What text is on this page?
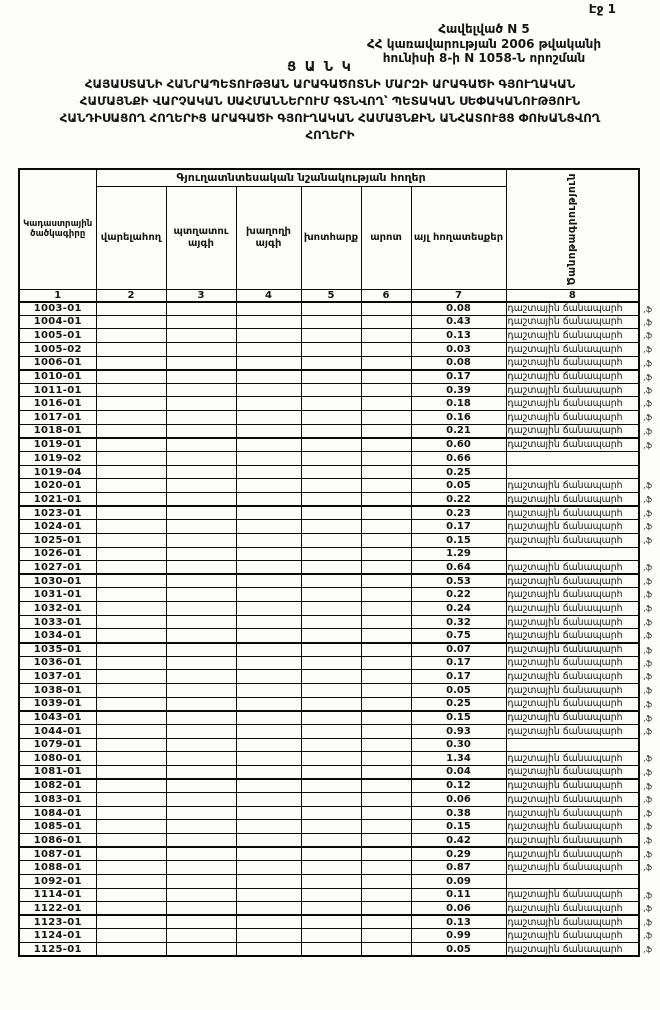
Էջ 1
Հավելված N 5
ՀՀ կառավարության 2006 թվականի
հունիսի 8-ի N 1058-Ն որոշման
Ց Ա Ն Կ
ՀԱՅԱՍՏԱՆԻ ՀԱՆՐԱՊԵՏՈՒԹՅԱՆ ԱՐԱԳԱԾՈՏՆԻ ՄԱՐԶԻ ԱՐԱԳԱԾԻ ԳՅՈՒՂԱԿԱՆ
ՀԱՄԱՅՆՔԻ ՎԱՐՉԱԿԱՆ ՍԱՀՄԱՆՆԵՐՈՒՄ ԳՏՆՎՈՂ՝ ՊԵՏԱԿԱՆ ՍԵՓԱԿԱՆՈՒԹՅՈՒՆ
ՀԱՆԴԻՍԱՑՈՂ ՀՈՂԵՐԻՑ ԱՐԱԳԱԾԻ ԳՅՈՒՂԱԿԱՆ ՀԱՄԱՅՆՔԻՆ ԱՆՀԱՏՈՒՅՑ ՓՈԽԱՆՑՎՈՂ
ՀՈՂԵՐԻ
Կադաստրային ծածկագիրը	Գյուղատնտեսական նշանակության հողեր						Ծանոթագրություն

	վարելահող	պտղատու այգի	խաղողի այգի	խոտհարք	արոտ	այլ հողատեսքեր	
1	2	3	4	5	6	7	8
1003-01						0.08	դաշտային ճանապարհ ,ֆ

1004-01						0.43	դաշտային ճանապարհ ,ֆ

1005-01						0.13	դաշտային ճանապարհ ,ֆ

1005-02						0.03	դաշտային ճանապարհ ,ֆ

1006-01						0.08	դաշտային ճանապարհ ,ֆ

1010-01						0.17	դաշտային ճանապարհ ,ֆ

1011-01						0.39	դաշտային ճանապարհ ,ֆ

1016-01						0.18	դաշտային ճանապարհ ,ֆ

1017-01						0.16	դաշտային ճանապարհ ,ֆ

1018-01						0.21	դաշտային ճանապարհ ,ֆ

1019-01						0.60	դաշտային ճանապարհ ,ֆ

1019-02						0.66	
1019-04						0.25	
1020-01						0.05	դաշտային ճանապարհ ,ֆ

1021-01						0.22	դաշտային ճանապարհ ,ֆ

1023-01						0.23	դաշտային ճանապարհ ,ֆ

1024-01						0.17	դաշտային ճանապարհ ,ֆ

1025-01						0.15	դաշտային ճանապարհ ,ֆ

1026-01						1.29	
1027-01						0.64	դաշտային ճանապարհ ,ֆ

1030-01						0.53	դաշտային ճանապարհ ,ֆ

1031-01						0.22	դաշտային ճանապարհ ,ֆ

1032-01						0.24	դաշտային ճանապարհ ,ֆ

1033-01						0.32	դաշտային ճանապարհ ,ֆ

1034-01						0.75	դաշտային ճանապարհ ,ֆ

1035-01						0.07	դաշտային ճանապարհ ,ֆ

1036-01						0.17	դաշտային ճանապարհ ,ֆ

1037-01						0.17	դաշտային ճանապարհ ,ֆ

1038-01						0.05	դաշտային ճանապարհ ,ֆ

1039-01						0.25	դաշտային ճանապարհ ,ֆ

1043-01						0.15	դաշտային ճանապարհ ,ֆ

1044-01						0.93	դաշտային ճանապարհ ,ֆ

1079-01						0.30	
1080-01						1.34	դաշտային ճանապարհ ,ֆ

1081-01						0.04	դաշտային ճանապարհ ,ֆ

1082-01						0.12	դաշտային ճանապարհ ,ֆ

1083-01						0.06	դաշտային ճանապարհ ,ֆ

1084-01						0.38	դաշտային ճանապարհ ,ֆ

1085-01						0.15	դաշտային ճանապարհ ,ֆ

1086-01						0.42	դաշտային ճանապարհ ,ֆ

1087-01						0.29	դաշտային ճանապարհ ,ֆ

1088-01						0.87	դաշտային ճանապարհ ,ֆ

1092-01						0.09	
1114-01						0.11	դաշտային ճանապարհ ,ֆ

1122-01						0.06	դաշտային ճանապարհ ,ֆ

1123-01						0.13	դաշտային ճանապարհ ,ֆ

1124-01						0.99	դաշտային ճանապարհ ,ֆ

1125-01						0.05	դաշտային ճանապարհ ,ֆ
